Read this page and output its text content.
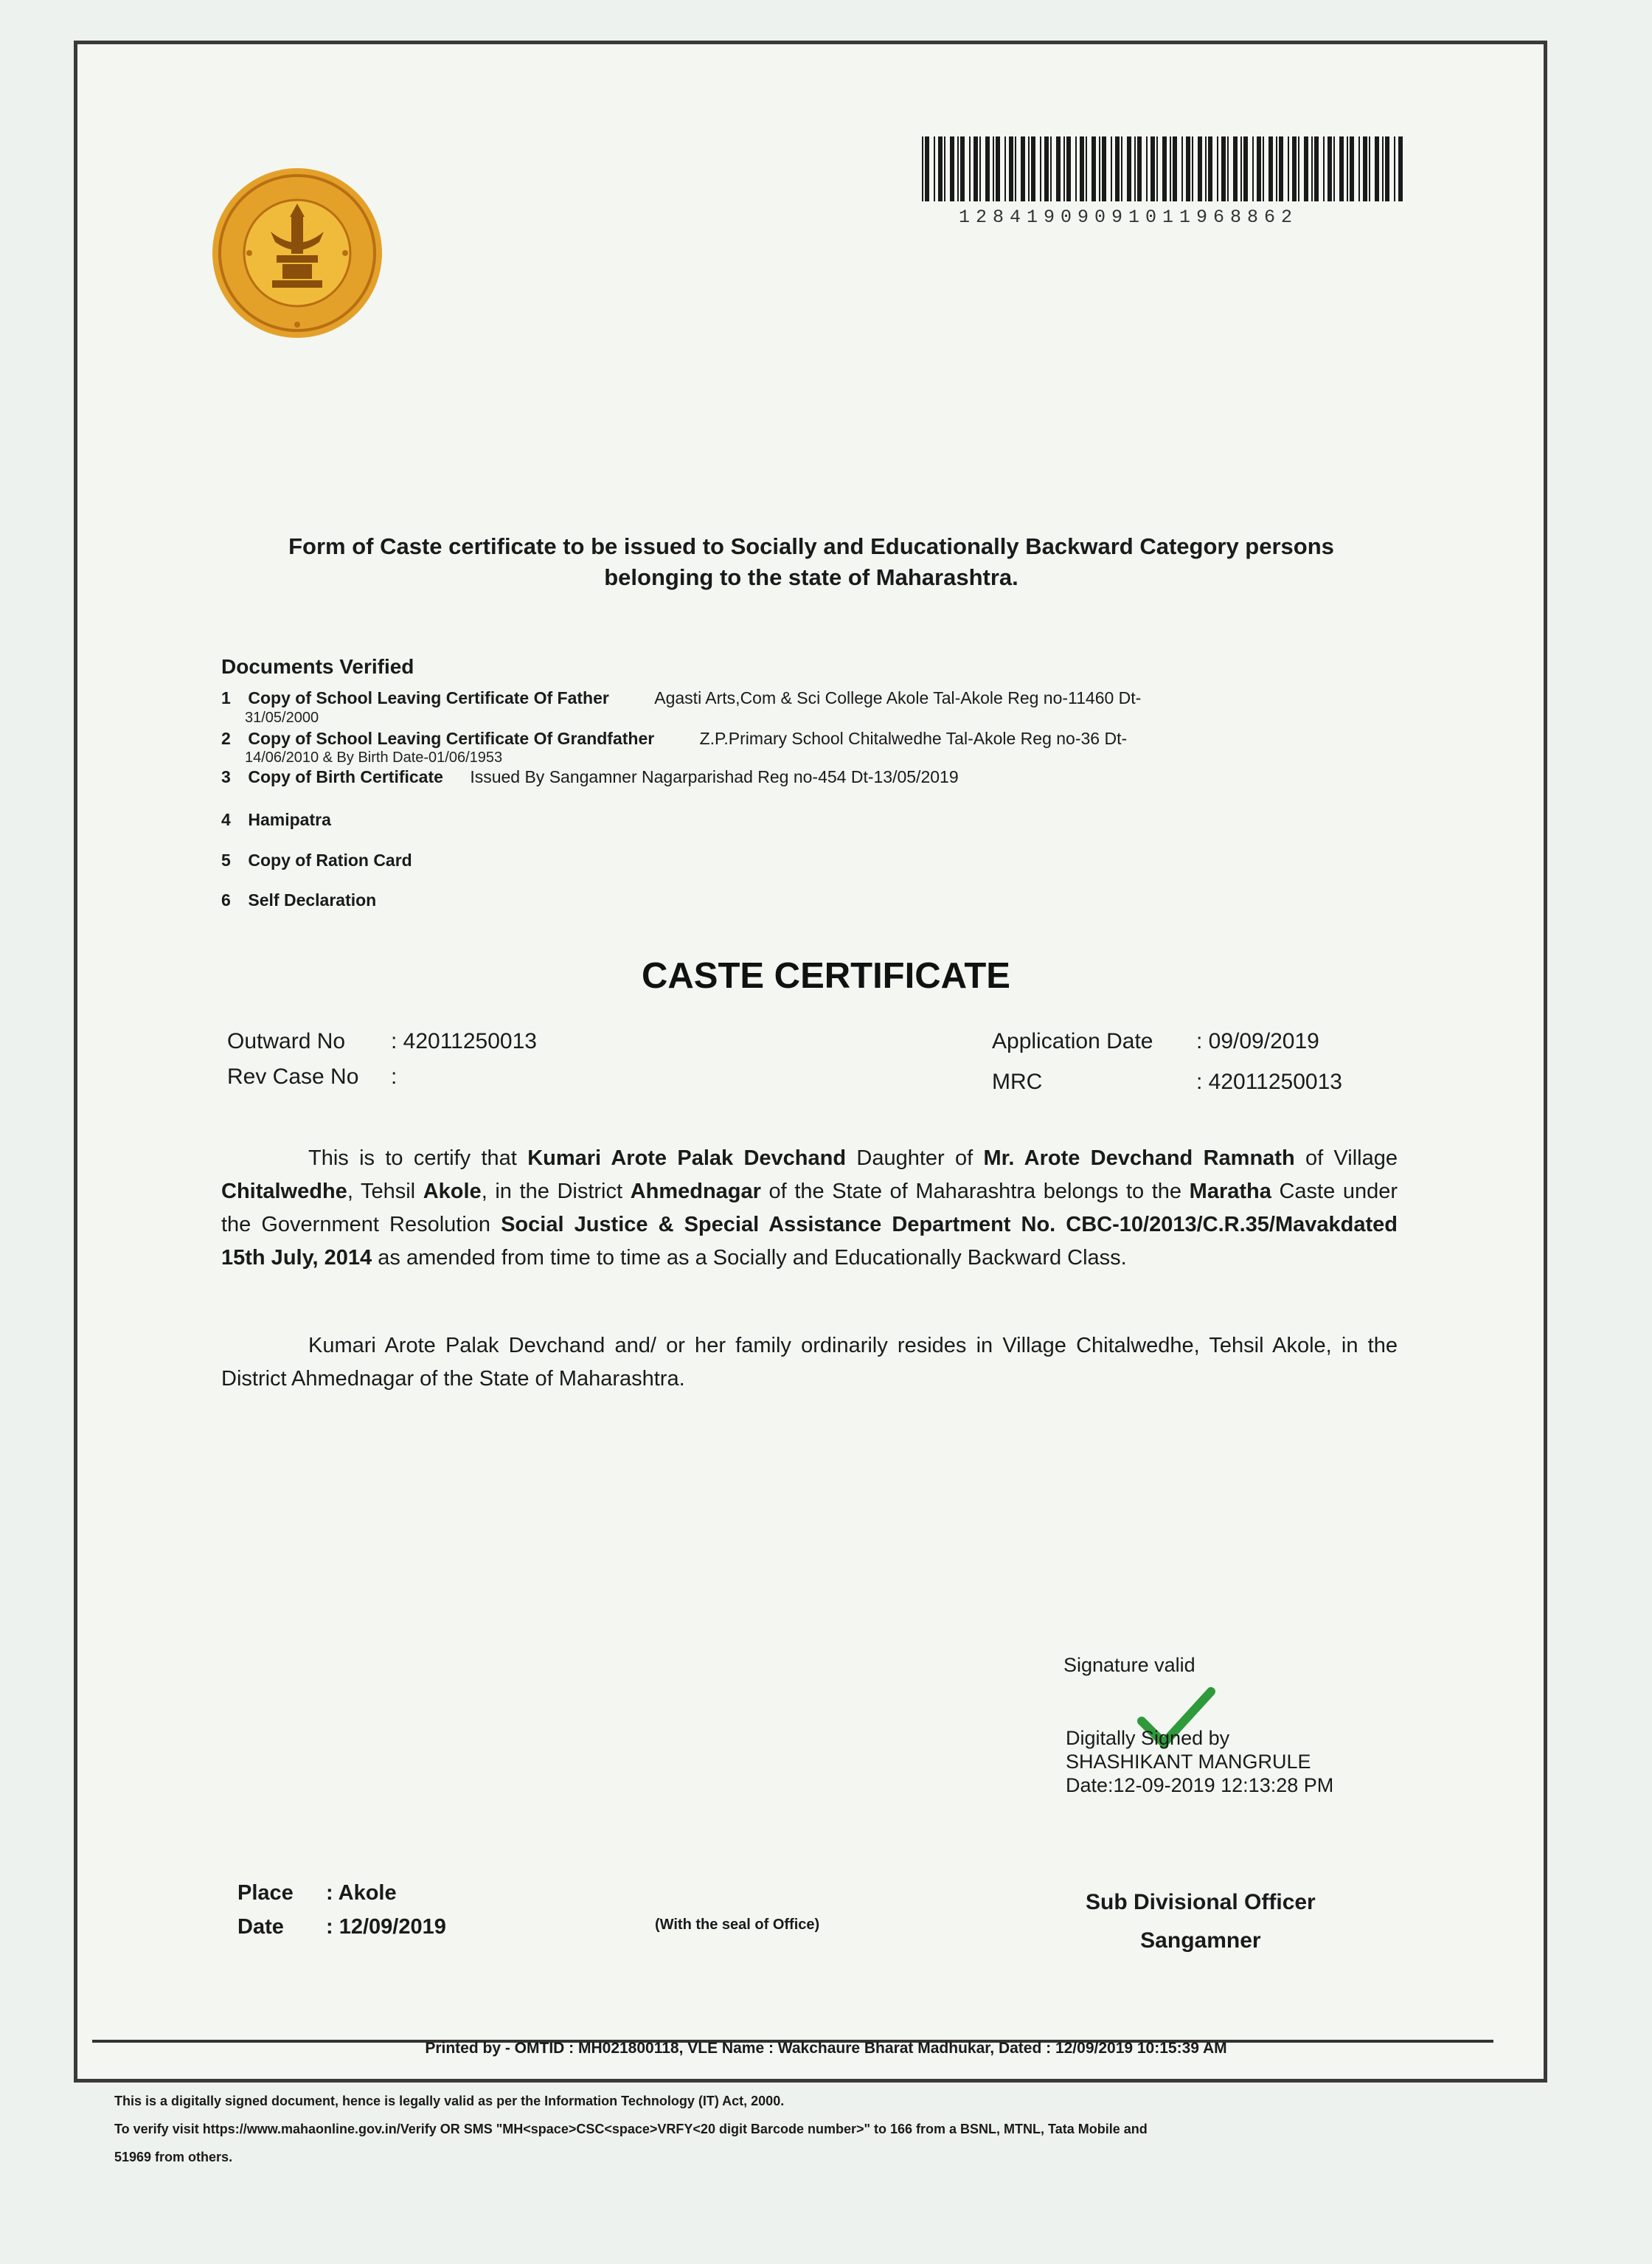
12841909091011968862
Form of Caste certificate to be issued to Socially and Educationally Backward Category persons
belonging to the state of Maharashtra.
Documents Verified
1 Copy of School Leaving Certificate Of Father	Agasti Arts,Com & Sci College Akole Tal-Akole Reg no-11460 Dt-
31/05/2000
2 Copy of School Leaving Certificate Of Grandfather	Z.P.Primary School Chitalwedhe Tal-Akole Reg no-36 Dt-
14/06/2010 & By Birth Date-01/06/1953
3 Copy of Birth Certificate Issued By Sangamner Nagarparishad Reg no-454 Dt-13/05/2019
4 Hamipatra
5 Copy of Ration Card
6 Self Declaration
CASTE CERTIFICATE
Outward No : 42011250013
Rev Case No :
Application Date : 09/09/2019
MRC	: 42011250013
This is to certify that Kumari Arote Palak Devchand Daughter of Mr. Arote Devchand Ramnath of Village Chitalwedhe, Tehsil Akole, in the District Ahmednagar of the State of Maharashtra belongs to the Maratha Caste under the Government Resolution Social Justice & Special Assistance Department No. CBC-10/2013/C.R.35/Mavakdated 15th July, 2014 as amended from time to time as a Socially and Educationally Backward Class.
Kumari Arote Palak Devchand and/ or her family ordinarily resides in Village Chitalwedhe, Tehsil Akole, in the District Ahmednagar of the State of Maharashtra.
Signature valid
Digitally Signed by
SHASHIKANT MANGRULE
Date:12-09-2019 12:13:28 PM
Place : Akole
Date : 12/09/2019	(With the seal of Office)
Sub Divisional Officer
Sangamner
Printed by - OMTID : MH021800118, VLE Name : Wakchaure Bharat Madhukar, Dated : 12/09/2019 10:15:39 AM
This is a digitally signed document, hence is legally valid as per the Information Technology (IT) Act, 2000.
To verify visit https://www.mahaonline.gov.in/Verify OR SMS "MH<space>CSC<space>VRFY<20 digit Barcode number>" to 166 from a BSNL, MTNL, Tata Mobile and
51969 from others.
